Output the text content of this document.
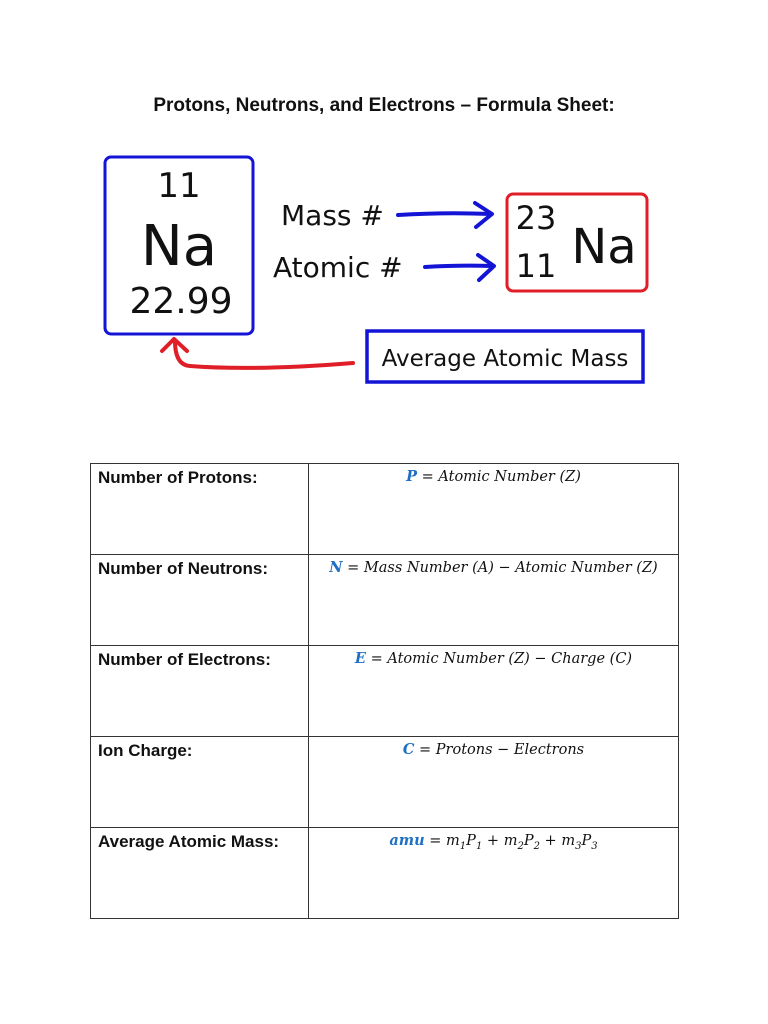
Protons, Neutrons, and Electrons – Formula Sheet:
11
Na
22.99
Mass #
Atomic #
23
11 Na
Average Atomic Mass
Number of Protons:	P = Atomic Number (Z)
Number of Neutrons:	N = Mass Number (A) − Atomic Number (Z)
Number of Electrons:	E = Atomic Number (Z) − Charge (C)
Ion Charge:	C = Protons − Electrons
Average Atomic Mass:	amu = $m_1P_1 + m_2P_2 + m_3P_3$
